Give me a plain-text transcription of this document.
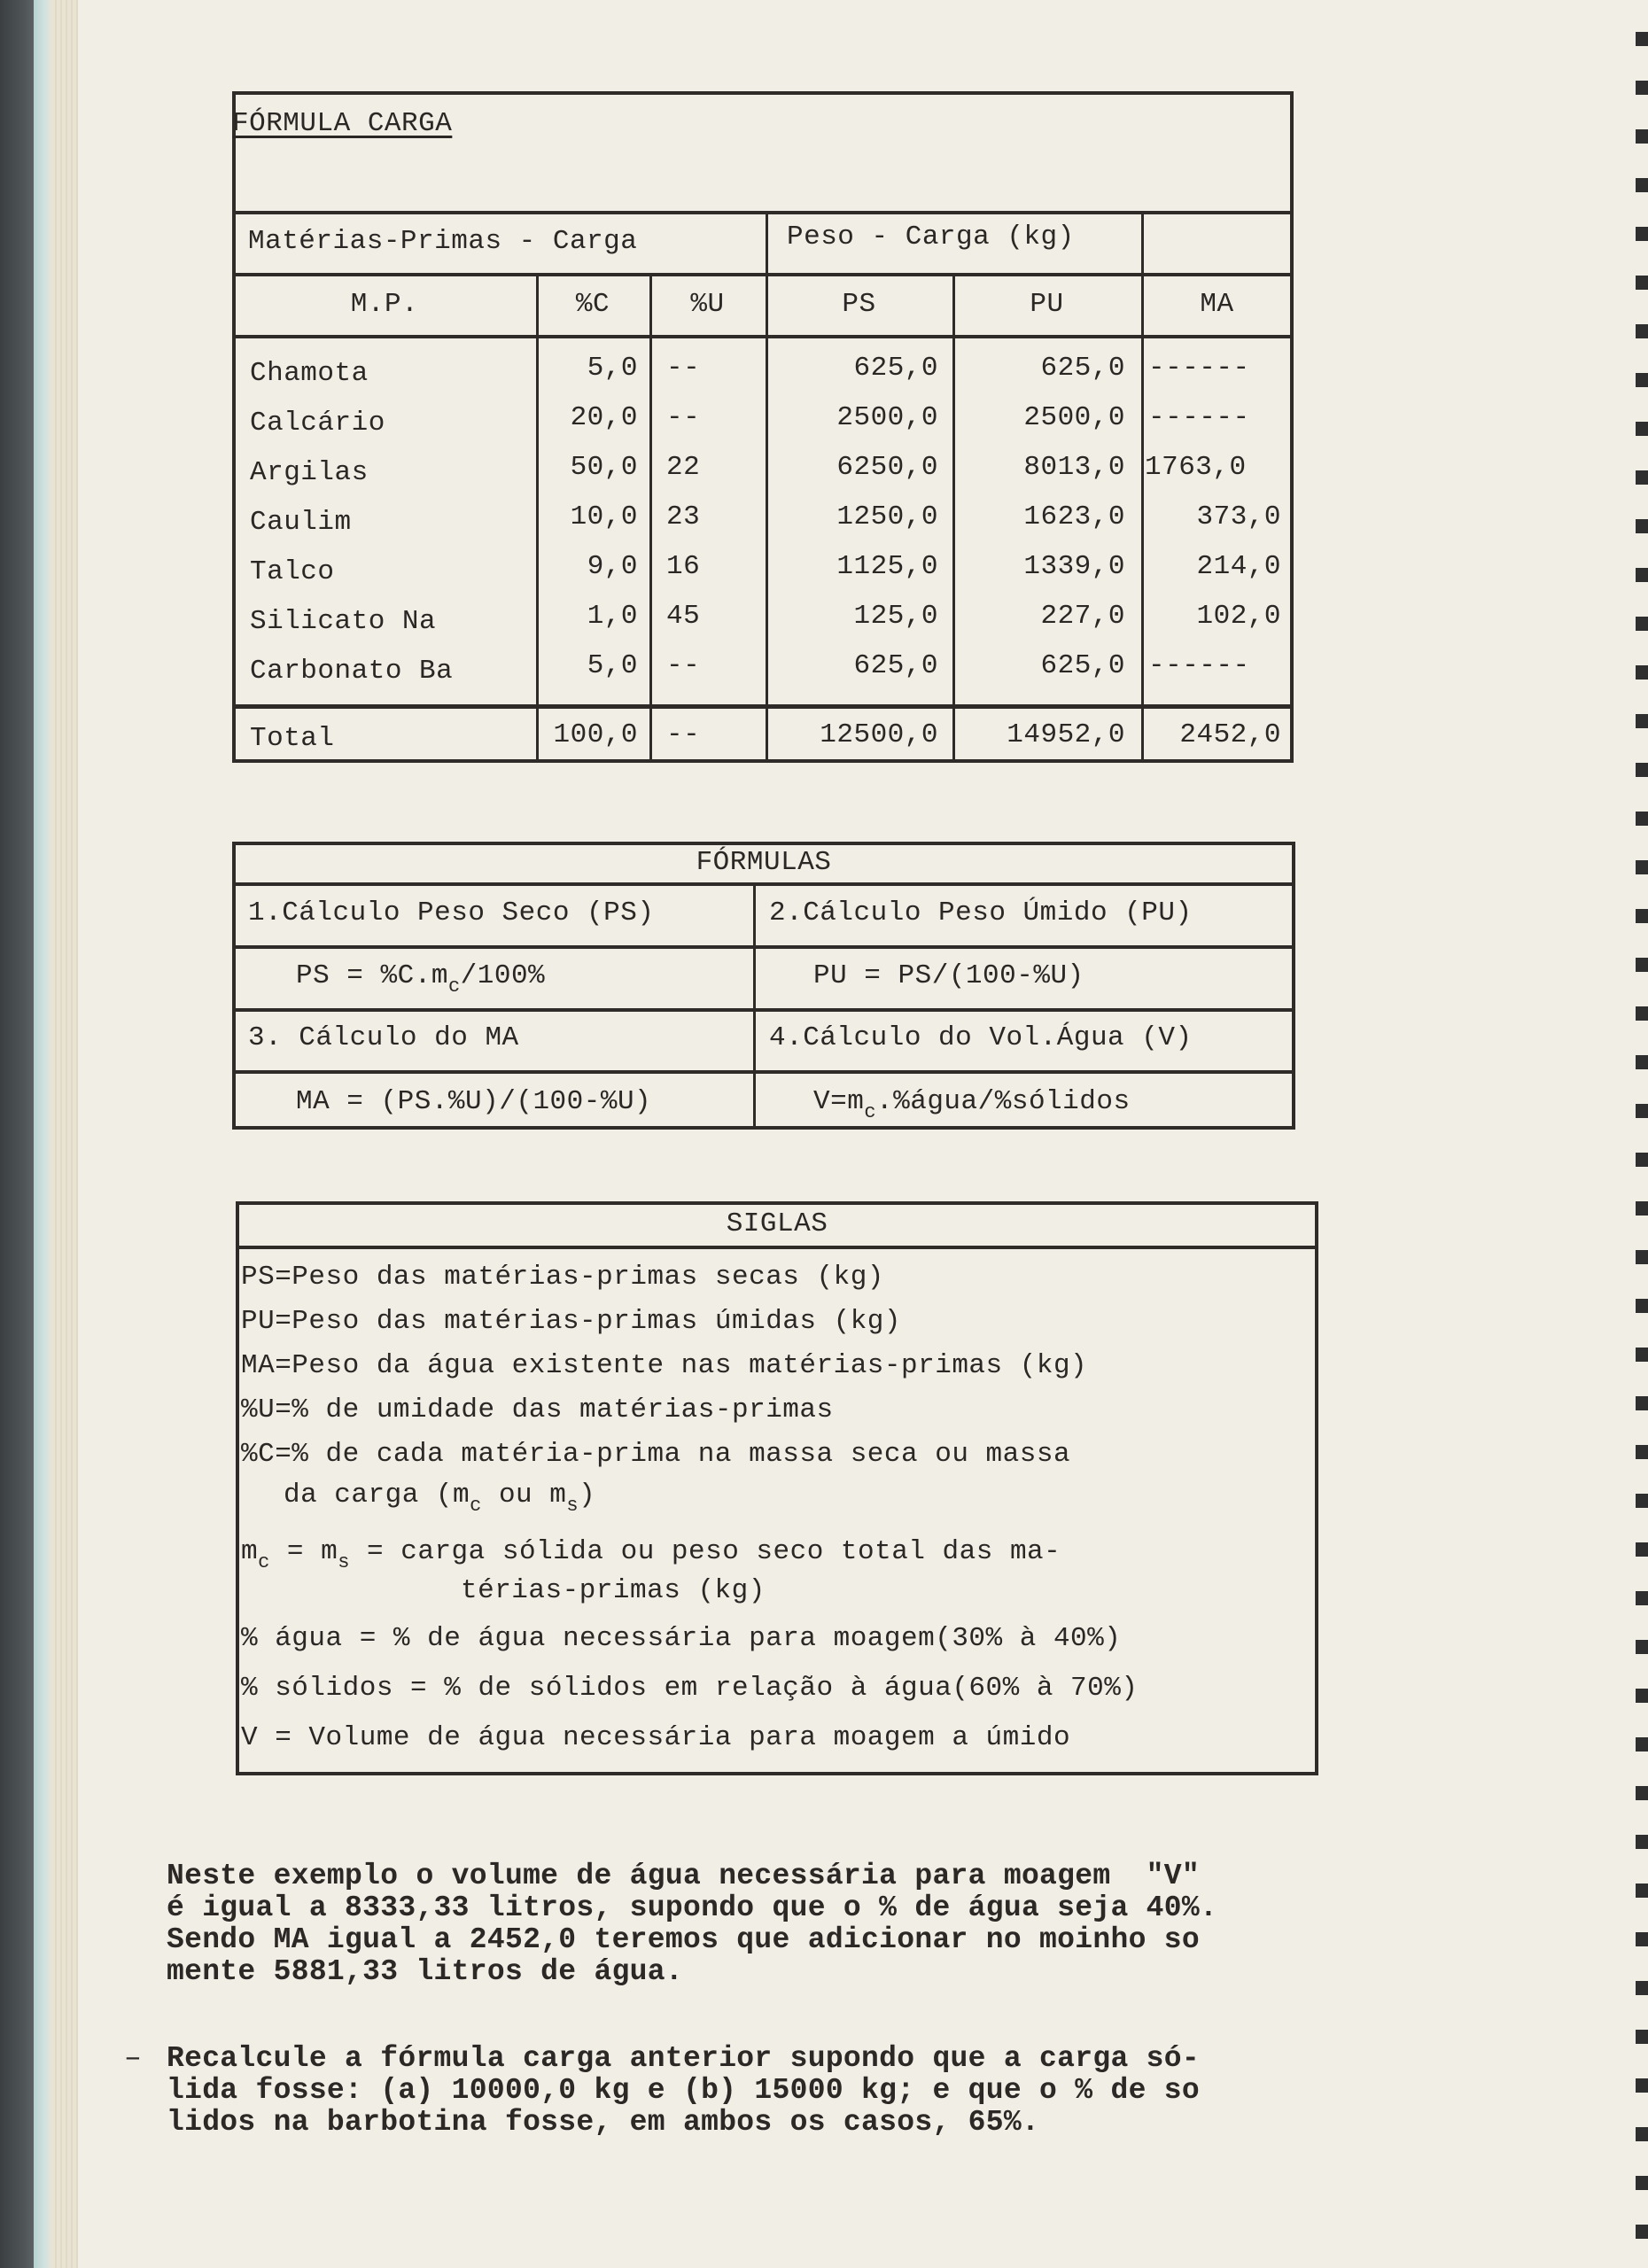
FÓRMULA CARGA
Matérias-Primas - Carga	Peso - Carga (kg)
M.P.	%C	%U	PS	PU	MA
Chamota	5,0 --	625,0	625,0 ------
Calcário	20,0 --	2500,0	2500,0 ------
Argilas	50,0 22	6250,0	8013,0 1763,0
Caulim	10,0 23	1250,0	1623,0	373,0
Talco	9,0 16	1125,0	1339,0	214,0
Silicato Na	1,0 45	125,0	227,0	102,0
Carbonato Ba	5,0 --	625,0	625,0 ------
Total	100,0 --	12500,0	14952,0	2452,0
FÓRMULAS
1.Cálculo Peso Seco (PS)	2.Cálculo Peso Úmido (PU)
PS = $\%C.m_c/100\%$	PU = PS/(100-%U)
3. Cálculo do MA	4.Cálculo do Vol.Água (V)
MA = (PS.%U)/(100-%U)	$V=m_c.\%água/\%sólidos$
SIGLAS
PS=Peso das matérias-primas secas (kg)
PU=Peso das matérias-primas úmidas (kg)
MA=Peso da água existente nas matérias-primas (kg)
%U=% de umidade das matérias-primas
%C=% de cada matéria-prima na massa seca ou massa
da carga ($m_c$ ou $m_s$)
$m_c = m_s$ = carga sólida ou peso seco total das ma-
térias-primas (kg)
% água = % de água necessária para moagem(30% à 40%)
% sólidos = % de sólidos em relação à água(60% à 70%)
V = Volume de água necessária para moagem a úmido
Neste exemplo o volume de água necessária para moagem  "V"
é igual a 8333,33 litros, supondo que o % de água seja 40%.
Sendo MA igual a 2452,0 teremos que adicionar no moinho so
mente 5881,33 litros de água.
– Recalcule a fórmula carga anterior supondo que a carga só-
lida fosse: (a) 10000,0 kg e (b) 15000 kg; e que o % de so
lidos na barbotina fosse, em ambos os casos, 65%.
